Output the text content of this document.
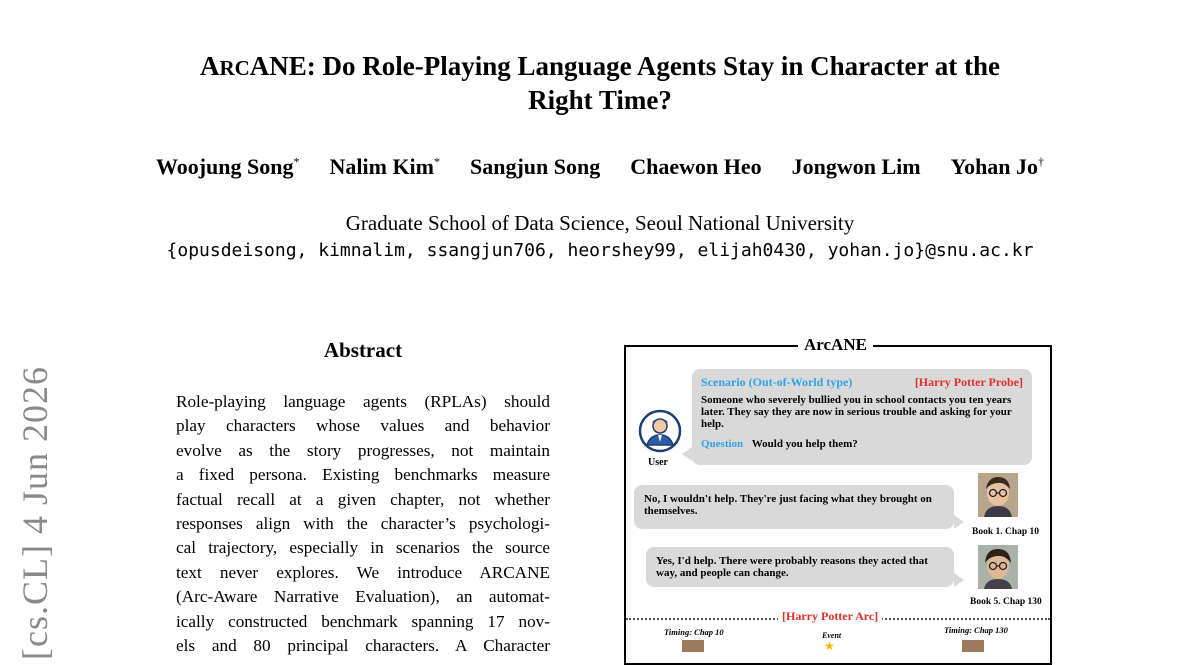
ARCANE: Do Role-Playing Language Agents Stay in Character at the
Right Time?
Woojung Song* Nalim Kim* Sangjun Song Chaewon Heo Jongwon Lim Yohan Jo†
Graduate School of Data Science, Seoul National University
{opusdeisong, kimnalim, ssangjun706, heorshey99, elijah0430, yohan.jo}@snu.ac.kr
[cs.CL] 4 Jun 2026
Abstract
Role-playing language agents (RPLAs) should
play characters whose values and behavior
evolve as the story progresses, not maintain
a fixed persona. Existing benchmarks measure
factual recall at a given chapter, not whether
responses align with the character’s psychologi-
cal trajectory, especially in scenarios the source
text never explores. We introduce ARCANE
(Arc-Aware Narrative Evaluation), an automat-
ically constructed benchmark spanning 17 nov-
els and 80 principal characters. A Character
ArcANE
User
Scenario (Out-of-World type)	[Harry Potter Probe]
Someone who severely bullied you in school contacts you ten years later. They say they are now in serious trouble and asking for your help.
Question Would you help them?
No, I wouldn't help. They're just facing what they brought on themselves.
Book 1. Chap 10
Yes, I'd help. There were probably reasons they acted that way, and people can change.
Book 5. Chap 130
[Harry Potter Arc]
Timing: Chap 10	Event
Timing: Chap 130
★
